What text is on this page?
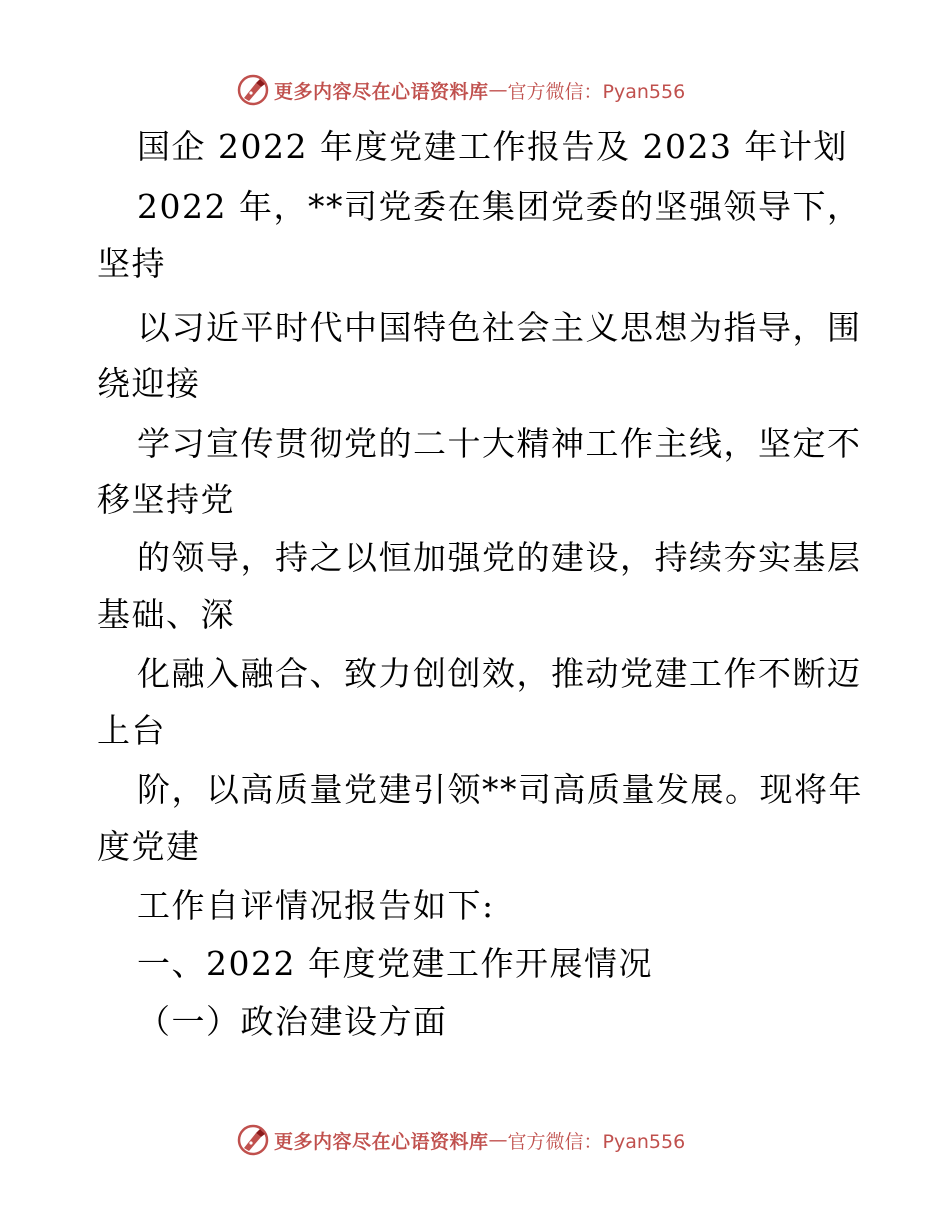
更多内容尽在心语资料库 — 官方微信：Pyan556
国企 2022 年度党建工作报告及 2023 年计划
2022 年，**司党委在集团党委的坚强领导下，
坚持
以习近平时代中国特色社会主义思想为指导，围
绕迎接
学习宣传贯彻党的二十大精神工作主线，坚定不
移坚持党
的领导，持之以恒加强党的建设，持续夯实基层
基础、深
化融入融合、致力创创效，推动党建工作不断迈
上台
阶，以高质量党建引领**司高质量发展。现将年
度党建
工作自评情况报告如下:
一、2022 年度党建工作开展情况
（一）政治建设方面
更多内容尽在心语资料库 — 官方微信：Pyan556
